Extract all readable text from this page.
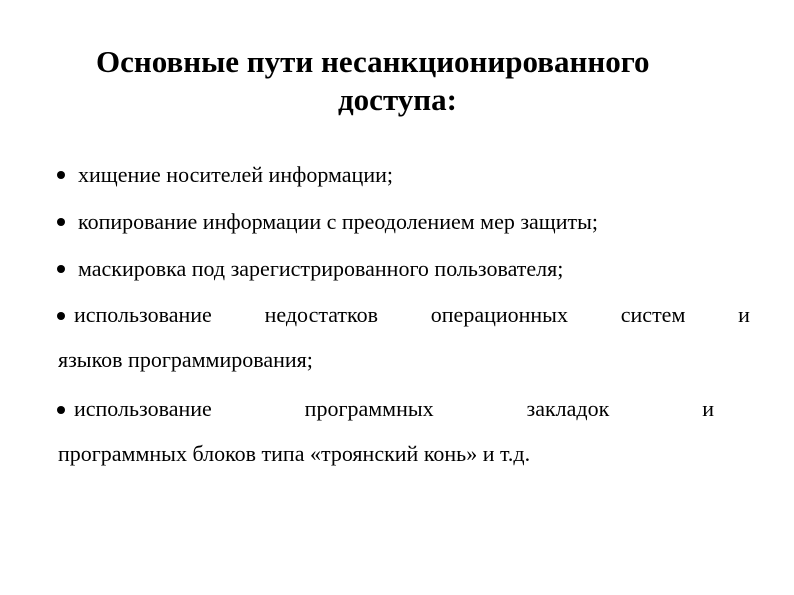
Основные пути несанкционированного
доступа:
хищение носителей информации;
копирование информации с преодолением мер защиты;
маскировка под зарегистрированного пользователя;
использование недостатков операционных систем и
языков программирования;
использование	программных	закладок	и
программных блоков типа «троянский конь» и т.д.
